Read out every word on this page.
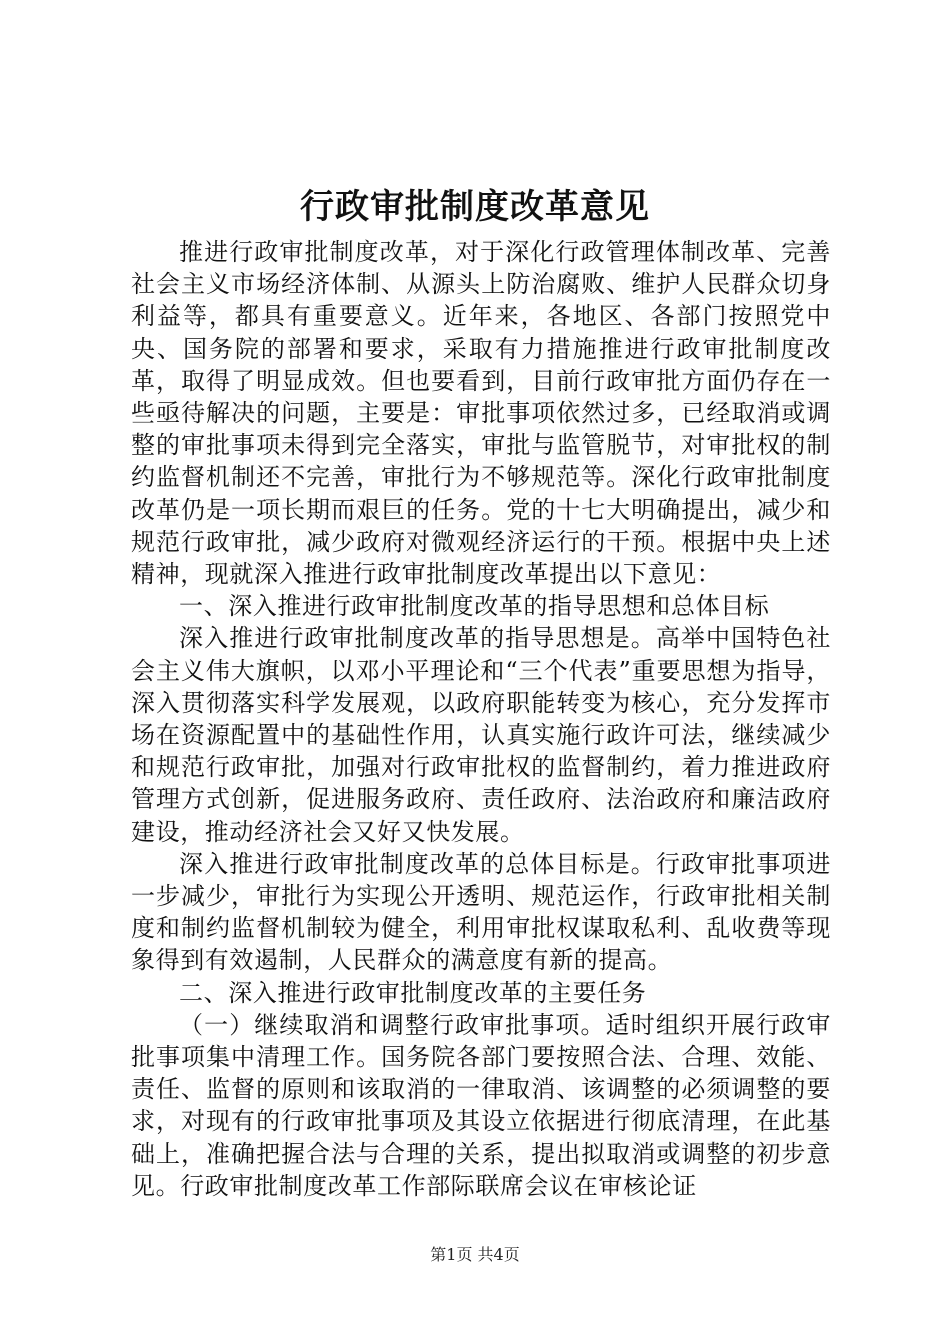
行政审批制度改革意见

推进行政审批制度改革，对于深化行政管理体制改革、完善社会主义市场经济体制、从源头上防治腐败、维护人民群众切身利益等，都具有重要意义。近年来，各地区、各部门按照党中央、国务院的部署和要求，采取有力措施推进行政审批制度改革，取得了明显成效。但也要看到，目前行政审批方面仍存在一些亟待解决的问题，主要是：审批事项依然过多，已经取消或调整的审批事项未得到完全落实，审批与监管脱节，对审批权的制约监督机制还不完善，审批行为不够规范等。深化行政审批制度改革仍是一项长期而艰巨的任务。党的十七大明确提出，减少和规范行政审批，减少政府对微观经济运行的干预。根据中央上述精神，现就深入推进行政审批制度改革提出以下意见：

一、深入推进行政审批制度改革的指导思想和总体目标

深入推进行政审批制度改革的指导思想是。高举中国特色社会主义伟大旗帜，以邓小平理论和“三个代表”重要思想为指导，深入贯彻落实科学发展观，以政府职能转变为核心，充分发挥市场在资源配置中的基础性作用，认真实施行政许可法，继续减少和规范行政审批，加强对行政审批权的监督制约，着力推进政府管理方式创新，促进服务政府、责任政府、法治政府和廉洁政府建设，推动经济社会又好又快发展。

深入推进行政审批制度改革的总体目标是。行政审批事项进一步减少，审批行为实现公开透明、规范运作，行政审批相关制度和制约监督机制较为健全，利用审批权谋取私利、乱收费等现象得到有效遏制，人民群众的满意度有新的提高。

二、深入推进行政审批制度改革的主要任务

（一）继续取消和调整行政审批事项。适时组织开展行政审批事项集中清理工作。国务院各部门要按照合法、合理、效能、责任、监督的原则和该取消的一律取消、该调整的必须调整的要求，对现有的行政审批事项及其设立依据进行彻底清理，在此基础上，准确把握合法与合理的关系，提出拟取消或调整的初步意见。行政审批制度改革工作部际联席会议在审核论证

第1页 共4页
